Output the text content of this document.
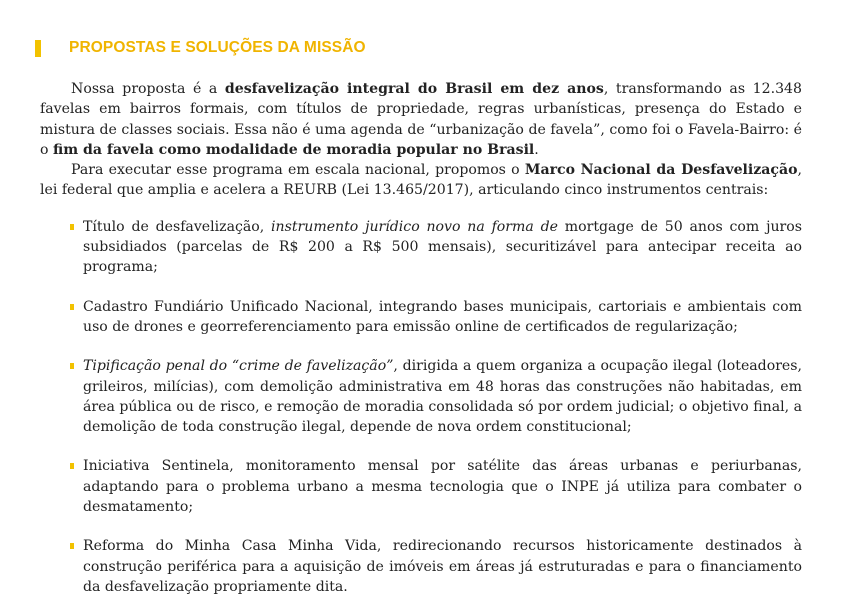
PROPOSTAS E SOLUÇÕES DA MISSÃO

Nossa proposta é a desfavelização integral do Brasil em dez anos, transformando as 12.348 favelas em bairros formais, com títulos de propriedade, regras urbanísticas, presença do Estado e mistura de classes sociais. Essa não é uma agenda de “urbanização de favela”, como foi o Favela-Bairro: é o fim da favela como modalidade de moradia popular no Brasil.

Para executar esse programa em escala nacional, propomos o Marco Nacional da Desfavelização, lei federal que amplia e acelera a REURB (Lei 13.465/2017), articulando cinco instrumentos centrais:

Título de desfavelização, instrumento jurídico novo na forma de mortgage de 50 anos com juros subsidiados (parcelas de R$ 200 a R$ 500 mensais), securitizável para antecipar receita ao programa;
Cadastro Fundiário Unificado Nacional, integrando bases municipais, cartoriais e ambientais com uso de drones e georreferenciamento para emissão online de certificados de regularização;
Tipificação penal do “crime de favelização”, dirigida a quem organiza a ocupação ilegal (loteadores, grileiros, milícias), com demolição administrativa em 48 horas das construções não habitadas, em área pública ou de risco, e remoção de moradia consolidada só por ordem judicial; o objetivo final, a demolição de toda construção ilegal, depende de nova ordem constitucional;
Iniciativa Sentinela, monitoramento mensal por satélite das áreas urbanas e periurbanas, adaptando para o problema urbano a mesma tecnologia que o INPE já utiliza para combater o desmatamento;
Reforma do Minha Casa Minha Vida, redirecionando recursos historicamente destinados à construção periférica para a aquisição de imóveis em áreas já estruturadas e para o financiamento da desfavelização propriamente dita.
